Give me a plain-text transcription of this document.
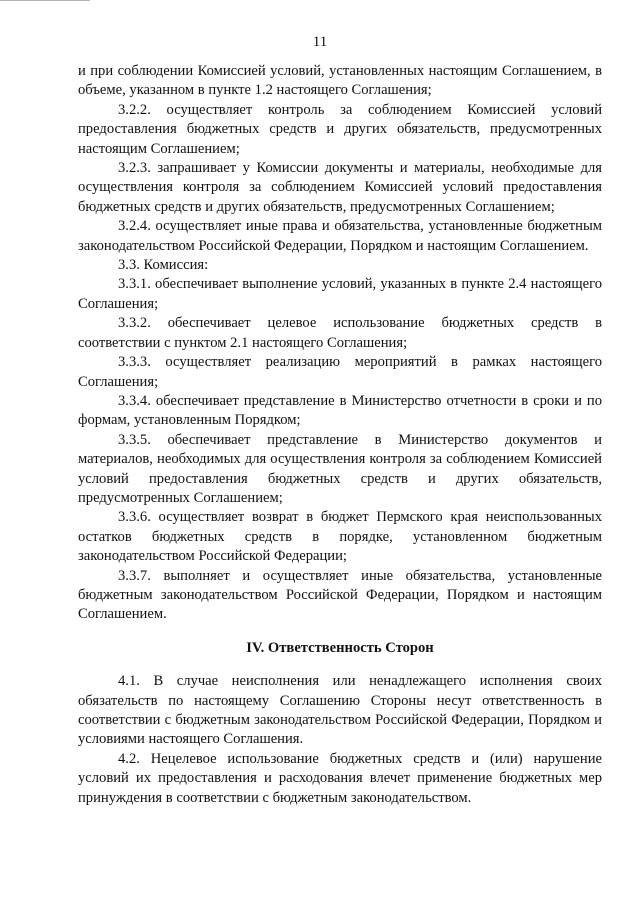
11

и при соблюдении Комиссией условий, установленных настоящим Соглашением, в объеме, указанном в пункте 1.2 настоящего Соглашения;

3.2.2. осуществляет контроль за соблюдением Комиссией условий предоставления бюджетных средств и других обязательств, предусмотренных настоящим Соглашением;

3.2.3. запрашивает у Комиссии документы и материалы, необходимые для осуществления контроля за соблюдением Комиссией условий предоставления бюджетных средств и других обязательств, предусмотренных Соглашением;

3.2.4. осуществляет иные права и обязательства, установленные бюджетным законодательством Российской Федерации, Порядком и настоящим Соглашением.

3.3. Комиссия:

3.3.1. обеспечивает выполнение условий, указанных в пункте 2.4 настоящего Соглашения;

3.3.2. обеспечивает целевое использование бюджетных средств в соответствии с пунктом 2.1 настоящего Соглашения;

3.3.3. осуществляет реализацию мероприятий в рамках настоящего Соглашения;

3.3.4. обеспечивает представление в Министерство отчетности в сроки и по формам, установленным Порядком;

3.3.5. обеспечивает представление в Министерство документов и материалов, необходимых для осуществления контроля за соблюдением Комиссией условий предоставления бюджетных средств и других обязательств, предусмотренных Соглашением;

3.3.6. осуществляет возврат в бюджет Пермского края неиспользованных остатков бюджетных средств в порядке, установленном бюджетным законодательством Российской Федерации;

3.3.7. выполняет и осуществляет иные обязательства, установленные бюджетным законодательством Российской Федерации, Порядком и настоящим Соглашением.

IV. Ответственность Сторон

4.1. В случае неисполнения или ненадлежащего исполнения своих обязательств по настоящему Соглашению Стороны несут ответственность в соответствии с бюджетным законодательством Российской Федерации, Порядком и условиями настоящего Соглашения.

4.2. Нецелевое использование бюджетных средств и (или) нарушение условий их предоставления и расходования влечет применение бюджетных мер принуждения в соответствии с бюджетным законодательством.
